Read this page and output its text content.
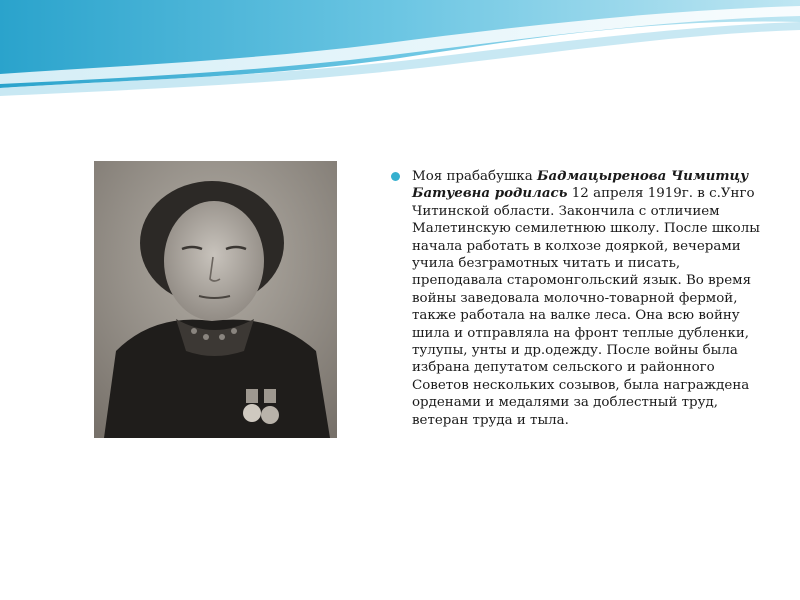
Моя прабабушка Бадмацыренова Чимитцу Батуевна родилась 12 апреля 1919г. в с.Унго Читинской области. Закончила с отличием Малетинскую семилетнюю школу. После школы начала работать в колхозе дояркой, вечерами учила безграмотных читать и писать, преподавала старомонгольский язык. Во время войны заведовала молочно-товарной фермой, также работала на валке леса. Она всю войну шила и отправляла на фронт теплые дубленки, тулупы, унты и др.одежду. После войны была избрана депутатом сельского и районного Советов нескольких созывов, была награждена орденами и медалями за доблестный труд, ветеран труда и тыла.
